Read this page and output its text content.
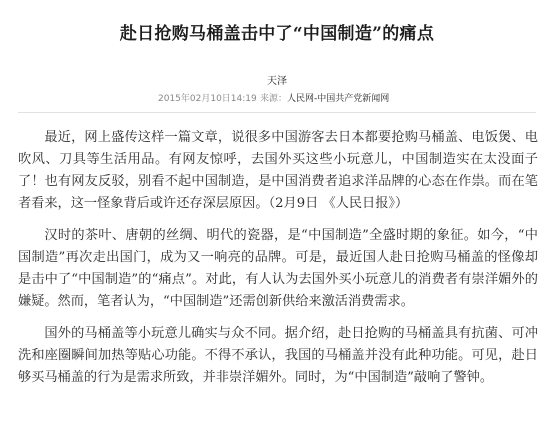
赴日抢购马桶盖击中了“中国制造”的痛点
天泽
2015年02月10日14:19 来源：人民网-中国共产党新闻网

最近，网上盛传这样一篇文章，说很多中国游客去日本都要抢购马桶盖、电饭煲、电吹风、刀具等生活用品。有网友惊呼，去国外买这些小玩意儿，中国制造实在太没面子了！也有网友反驳，别看不起中国制造，是中国消费者追求洋品牌的心态在作祟。而在笔者看来，这一怪象背后或许还存深层原因。（2月9日 《人民日报》）

汉时的茶叶、唐朝的丝绸、明代的瓷器，是“中国制造”全盛时期的象征。如今，“中国制造”再次走出国门，成为又一响亮的品牌。可是，最近国人赴日抢购马桶盖的怪像却是击中了“中国制造”的“痛点”。对此，有人认为去国外买小玩意儿的消费者有崇洋媚外的嫌疑。然而，笔者认为，“中国制造”还需创新供给来激活消费需求。

国外的马桶盖等小玩意儿确实与众不同。据介绍，赴日抢购的马桶盖具有抗菌、可冲洗和座圈瞬间加热等贴心功能。不得不承认，我国的马桶盖并没有此种功能。可见，赴日够买马桶盖的行为是需求所致，并非崇洋媚外。同时，为“中国制造”敲响了警钟。
